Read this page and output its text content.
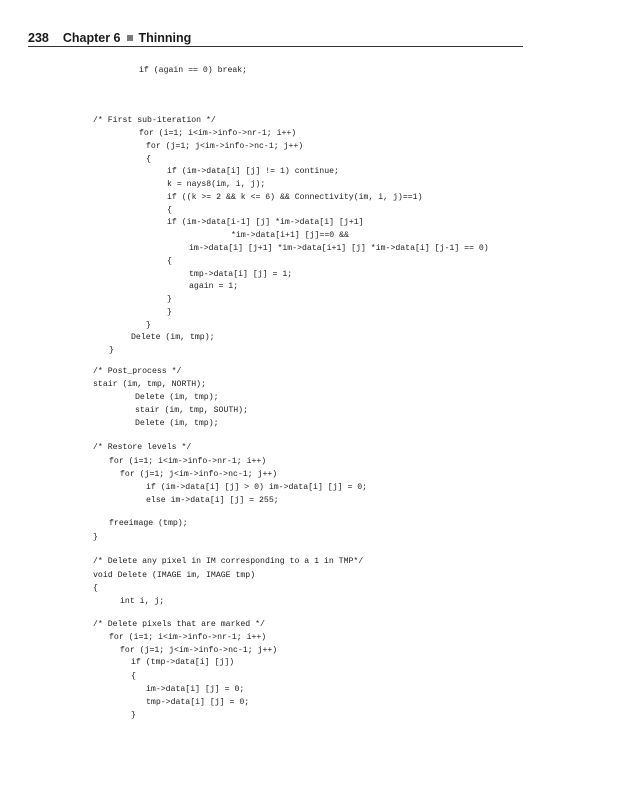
238 Chapter 6 Thinning
if (again == 0) break;
/* First sub-iteration */
for (i=1; i<im->info->nr-1; i++)
for (j=1; j<im->info->nc-1; j++)
{
if (im->data[i] [j] != 1) continue;
k = nays8(im, i, j);
if ((k >= 2 && k <= 6) && Connectivity(im, i, j)==1)
{
if (im->data[i-1] [j] *im->data[i] [j+1]
*im->data[i+1] [j]==0 &&
im->data[i] [j+1] *im->data[i+1] [j] *im->data[i] [j-1] == 0)
{
tmp->data[i] [j] = 1;
again = 1;
}
}
}
Delete (im, tmp);
}
/* Post_process */
stair (im, tmp, NORTH);
Delete (im, tmp);
stair (im, tmp, SOUTH);
Delete (im, tmp);
/* Restore levels */
for (i=1; i<im->info->nr-1; i++)
for (j=1; j<im->info->nc-1; j++)
if (im->data[i] [j] > 0) im->data[i] [j] = 0;
else im->data[i] [j] = 255;
freeimage (tmp);
}
/* Delete any pixel in IM corresponding to a 1 in TMP*/
void Delete (IMAGE im, IMAGE tmp)
{
int i, j;
/* Delete pixels that are marked */
for (i=1; i<im->info->nr-1; i++)
for (j=1; j<im->info->nc-1; j++)
if (tmp->data[i] [j])
{
im->data[i] [j] = 0;
tmp->data[i] [j] = 0;
}
